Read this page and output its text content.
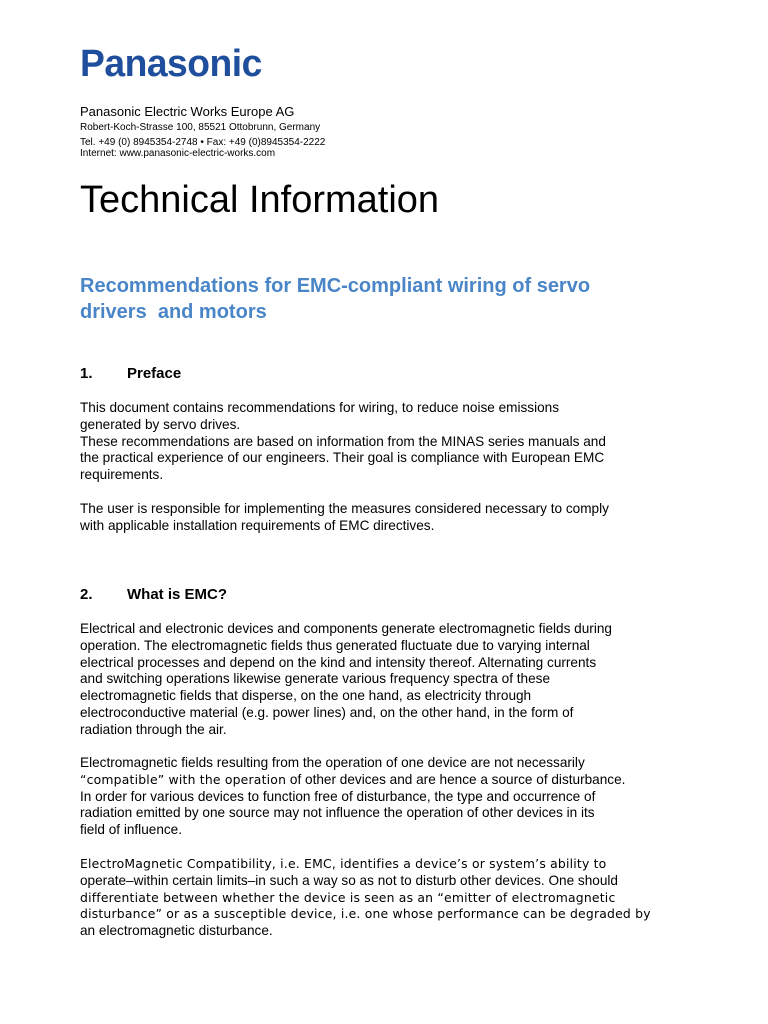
Panasonic
Panasonic Electric Works Europe AG
Robert-Koch-Strasse 100, 85521 Ottobrunn, Germany
Tel. +49 (0) 8945354-2748 • Fax: +49 (0)8945354-2222
Internet: www.panasonic-electric-works.com
Technical Information
Recommendations for EMC-compliant wiring of servo
drivers  and motors
1. Preface
This document contains recommendations for wiring, to reduce noise emissions
generated by servo drives.
These recommendations are based on information from the MINAS series manuals and
the practical experience of our engineers. Their goal is compliance with European EMC
requirements.
The user is responsible for implementing the measures considered necessary to comply
with applicable installation requirements of EMC directives.
2. What is EMC?
Electrical and electronic devices and components generate electromagnetic fields during
operation. The electromagnetic fields thus generated fluctuate due to varying internal
electrical processes and depend on the kind and intensity thereof. Alternating currents
and switching operations likewise generate various frequency spectra of these
electromagnetic fields that disperse, on the one hand, as electricity through
electroconductive material (e.g. power lines) and, on the other hand, in the form of
radiation through the air.
Electromagnetic fields resulting from the operation of one device are not necessarily
“compatible” with the operation of other devices and are hence a source of disturbance.
In order for various devices to function free of disturbance, the type and occurrence of
radiation emitted by one source may not influence the operation of other devices in its
field of influence.
ElectroMagnetic Compatibility, i.e. EMC, identifies a device’s or system’s ability to
operate–within certain limits–in such a way so as not to disturb other devices. One should
differentiate between whether the device is seen as an “emitter of electromagnetic
disturbance” or as a susceptible device, i.e. one whose performance can be degraded by
an electromagnetic disturbance.
